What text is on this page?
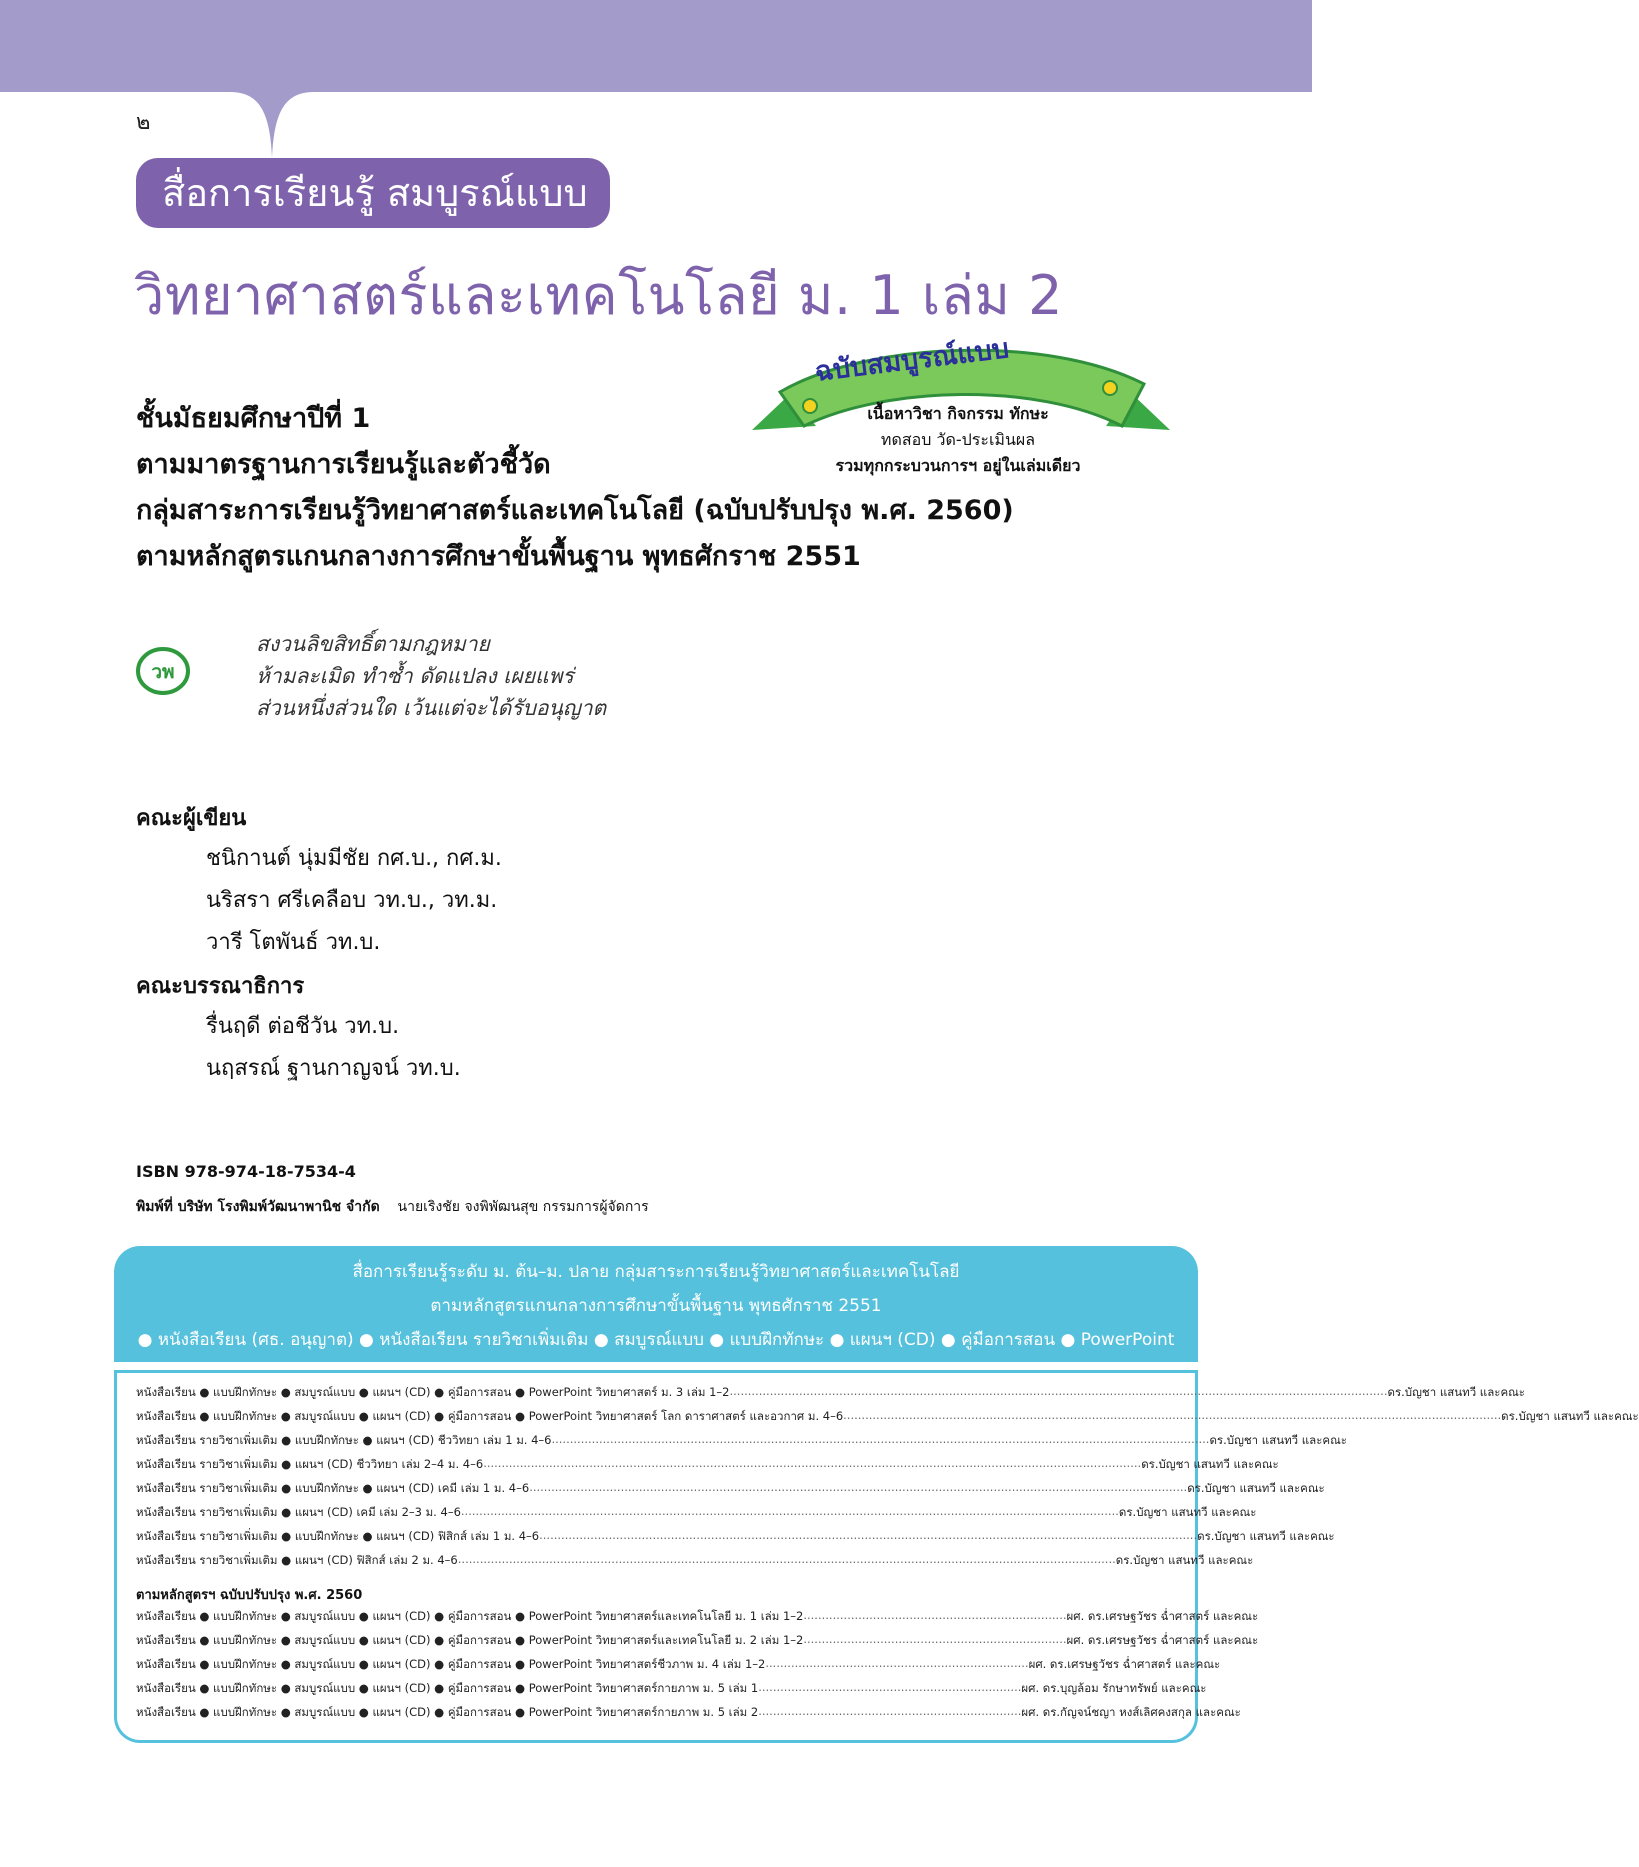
๒
สื่อการเรียนรู้ สมบูรณ์แบบ
วิทยาศาสตร์และเทคโนโลยี ม. 1 เล่ม 2
ฉบับสมบูรณ์แบบ
เนื้อหาวิชา กิจกรรม ทักษะ
ทดสอบ วัด-ประเมินผล
รวมทุกกระบวนการฯ อยู่ในเล่มเดียว
ชั้นมัธยมศึกษาปีที่ 1
ตามมาตรฐานการเรียนรู้และตัวชี้วัด
กลุ่มสาระการเรียนรู้วิทยาศาสตร์และเทคโนโลยี (ฉบับปรับปรุง พ.ศ. 2560)
ตามหลักสูตรแกนกลางการศึกษาขั้นพื้นฐาน พุทธศักราช 2551
วพ
สงวนลิขสิทธิ์ตามกฎหมาย
ห้ามละเมิด ทำซ้ำ ดัดแปลง เผยแพร่
ส่วนหนึ่งส่วนใด เว้นแต่จะได้รับอนุญาต
คณะผู้เขียน
ชนิกานต์ นุ่มมีชัย กศ.บ., กศ.ม.
นริสรา ศรีเคลือบ วท.บ., วท.ม.
วารี โตพันธ์ วท.บ.
คณะบรรณาธิการ
รื่นฤดี ต่อชีวัน วท.บ.
นฤสรณ์ ฐานกาญจน์ วท.บ.
ISBN 978-974-18-7534-4
พิมพ์ที่ บริษัท โรงพิมพ์วัฒนาพานิช จำกัด นายเริงชัย จงพิพัฒนสุข กรรมการผู้จัดการ
สื่อการเรียนรู้ระดับ ม. ต้น–ม. ปลาย กลุ่มสาระการเรียนรู้วิทยาศาสตร์และเทคโนโลยี
ตามหลักสูตรแกนกลางการศึกษาขั้นพื้นฐาน พุทธศักราช 2551
● หนังสือเรียน (ศธ. อนุญาต) ● หนังสือเรียน รายวิชาเพิ่มเติม ● สมบูรณ์แบบ ● แบบฝึกทักษะ ● แผนฯ (CD) ● คู่มือการสอน ● PowerPoint
หนังสือเรียน ● แบบฝึกทักษะ ● สมบูรณ์แบบ ● แผนฯ (CD) ● คู่มือการสอน ● PowerPoint วิทยาศาสตร์ ม. 3 เล่ม 1–2 .................................................................................................................................................................................... ดร.บัญชา แสนทวี และคณะ
หนังสือเรียน ● แบบฝึกทักษะ ● สมบูรณ์แบบ ● แผนฯ (CD) ● คู่มือการสอน ● PowerPoint วิทยาศาสตร์ โลก ดาราศาสตร์ และอวกาศ ม. 4–6 .................................................................................................................................................................................... ดร.บัญชา แสนทวี และคณะ
หนังสือเรียน รายวิชาเพิ่มเติม ● แบบฝึกทักษะ ● แผนฯ (CD) ชีววิทยา เล่ม 1 ม. 4–6 .................................................................................................................................................................................... ดร.บัญชา แสนทวี และคณะ
หนังสือเรียน รายวิชาเพิ่มเติม ● แผนฯ (CD) ชีววิทยา เล่ม 2–4 ม. 4–6 .................................................................................................................................................................................... ดร.บัญชา แสนทวี และคณะ
หนังสือเรียน รายวิชาเพิ่มเติม ● แบบฝึกทักษะ ● แผนฯ (CD) เคมี เล่ม 1 ม. 4–6 .................................................................................................................................................................................... ดร.บัญชา แสนทวี และคณะ
หนังสือเรียน รายวิชาเพิ่มเติม ● แผนฯ (CD) เคมี เล่ม 2–3 ม. 4–6 .................................................................................................................................................................................... ดร.บัญชา แสนทวี และคณะ
หนังสือเรียน รายวิชาเพิ่มเติม ● แบบฝึกทักษะ ● แผนฯ (CD) ฟิสิกส์ เล่ม 1 ม. 4–6 .................................................................................................................................................................................... ดร.บัญชา แสนทวี และคณะ
หนังสือเรียน รายวิชาเพิ่มเติม ● แผนฯ (CD) ฟิสิกส์ เล่ม 2 ม. 4–6 .................................................................................................................................................................................... ดร.บัญชา แสนทวี และคณะ
ตามหลักสูตรฯ ฉบับปรับปรุง พ.ศ. 2560
หนังสือเรียน ● แบบฝึกทักษะ ● สมบูรณ์แบบ ● แผนฯ (CD) ● คู่มือการสอน ● PowerPoint วิทยาศาสตร์และเทคโนโลยี ม. 1 เล่ม 1–2 ........................................................................ ผศ. ดร.เศรษฐวัชร ฉ่ำศาสตร์ และคณะ
หนังสือเรียน ● แบบฝึกทักษะ ● สมบูรณ์แบบ ● แผนฯ (CD) ● คู่มือการสอน ● PowerPoint วิทยาศาสตร์และเทคโนโลยี ม. 2 เล่ม 1–2 ........................................................................ ผศ. ดร.เศรษฐวัชร ฉ่ำศาสตร์ และคณะ
หนังสือเรียน ● แบบฝึกทักษะ ● สมบูรณ์แบบ ● แผนฯ (CD) ● คู่มือการสอน ● PowerPoint วิทยาศาสตร์ชีวภาพ ม. 4 เล่ม 1–2 ........................................................................ ผศ. ดร.เศรษฐวัชร ฉ่ำศาสตร์ และคณะ
หนังสือเรียน ● แบบฝึกทักษะ ● สมบูรณ์แบบ ● แผนฯ (CD) ● คู่มือการสอน ● PowerPoint วิทยาศาสตร์กายภาพ ม. 5 เล่ม 1 ........................................................................ ผศ. ดร.บุญล้อม รักษาทรัพย์ และคณะ
หนังสือเรียน ● แบบฝึกทักษะ ● สมบูรณ์แบบ ● แผนฯ (CD) ● คู่มือการสอน ● PowerPoint วิทยาศาสตร์กายภาพ ม. 5 เล่ม 2 ........................................................................ ผศ. ดร.กัญจน์ชญา หงส์เลิศคงสกุล และคณะ
